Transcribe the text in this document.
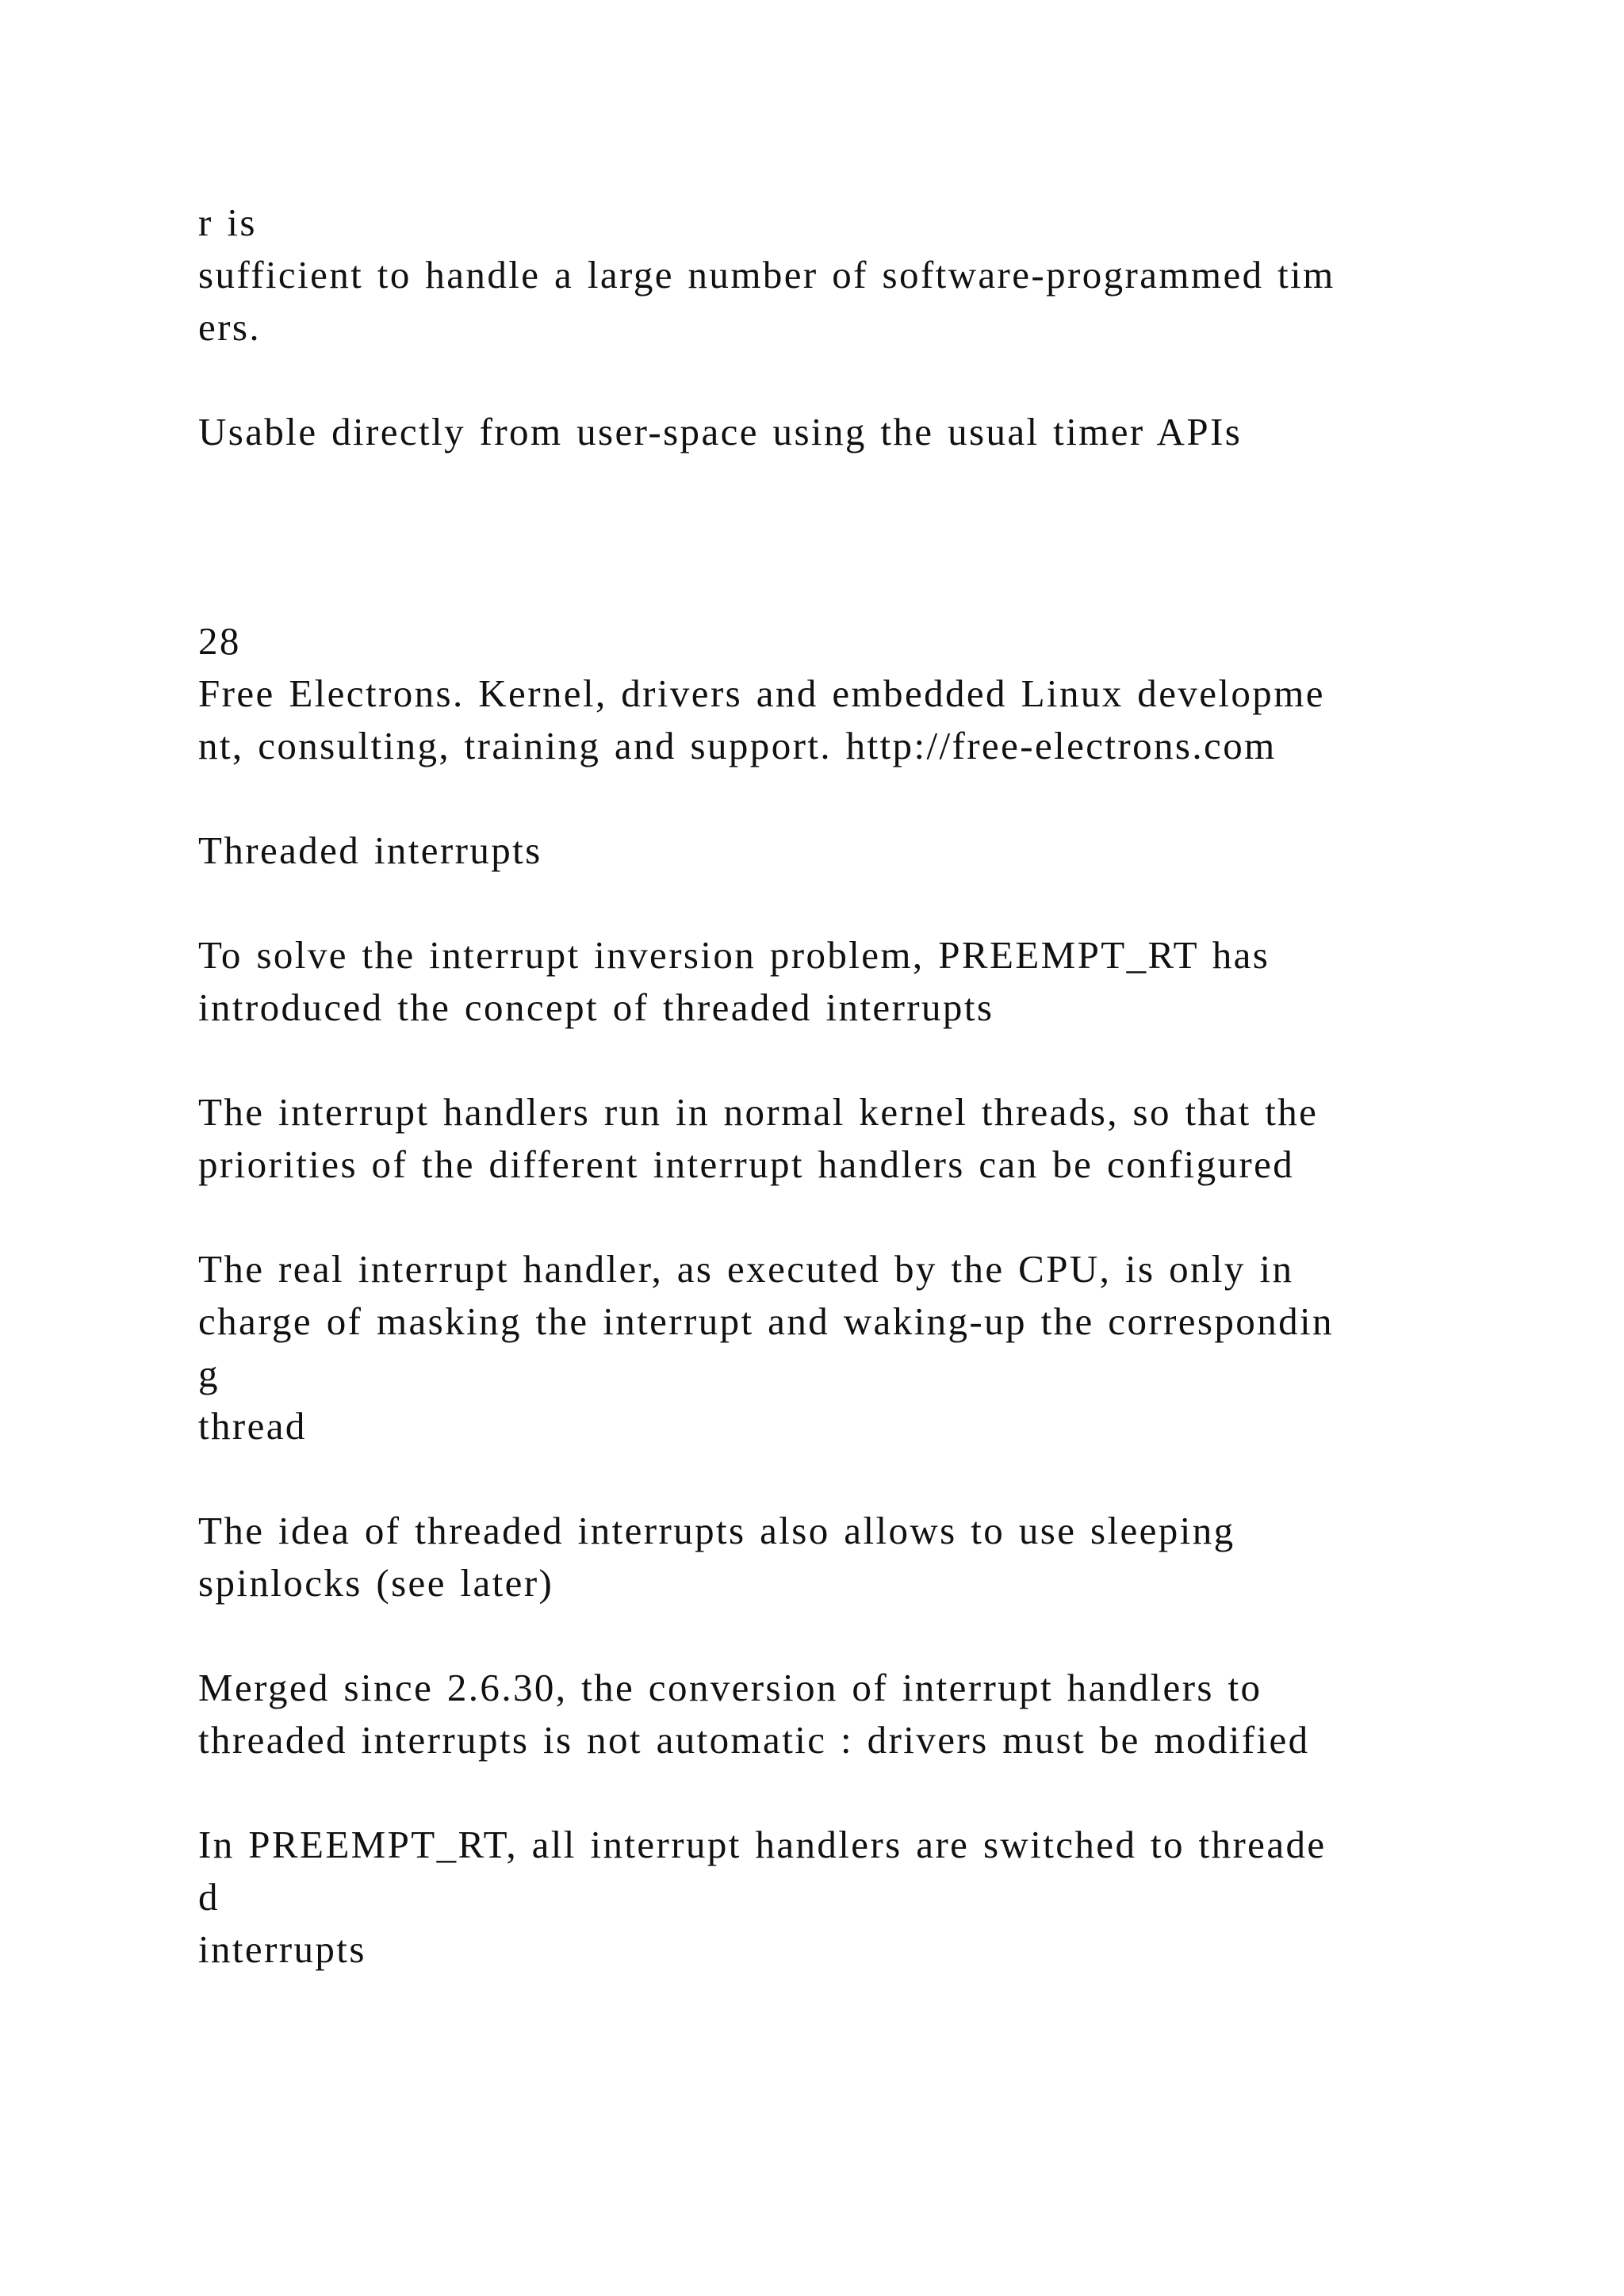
r is
sufficient to handle a large number of software-programmed tim
ers.
Usable directly from user-space using the usual timer APIs
28
Free Electrons. Kernel, drivers and embedded Linux developme
nt, consulting, training and support. http://free-electrons.com
Threaded interrupts
To solve the interrupt inversion problem, PREEMPT_RT has
introduced the concept of threaded interrupts
The interrupt handlers run in normal kernel threads, so that the
priorities of the different interrupt handlers can be configured
The real interrupt handler, as executed by the CPU, is only in
charge of masking the interrupt and waking-up the correspondin
g
thread
The idea of threaded interrupts also allows to use sleeping
spinlocks (see later)
Merged since 2.6.30, the conversion of interrupt handlers to
threaded interrupts is not automatic : drivers must be modified
In PREEMPT_RT, all interrupt handlers are switched to threade
d
interrupts
